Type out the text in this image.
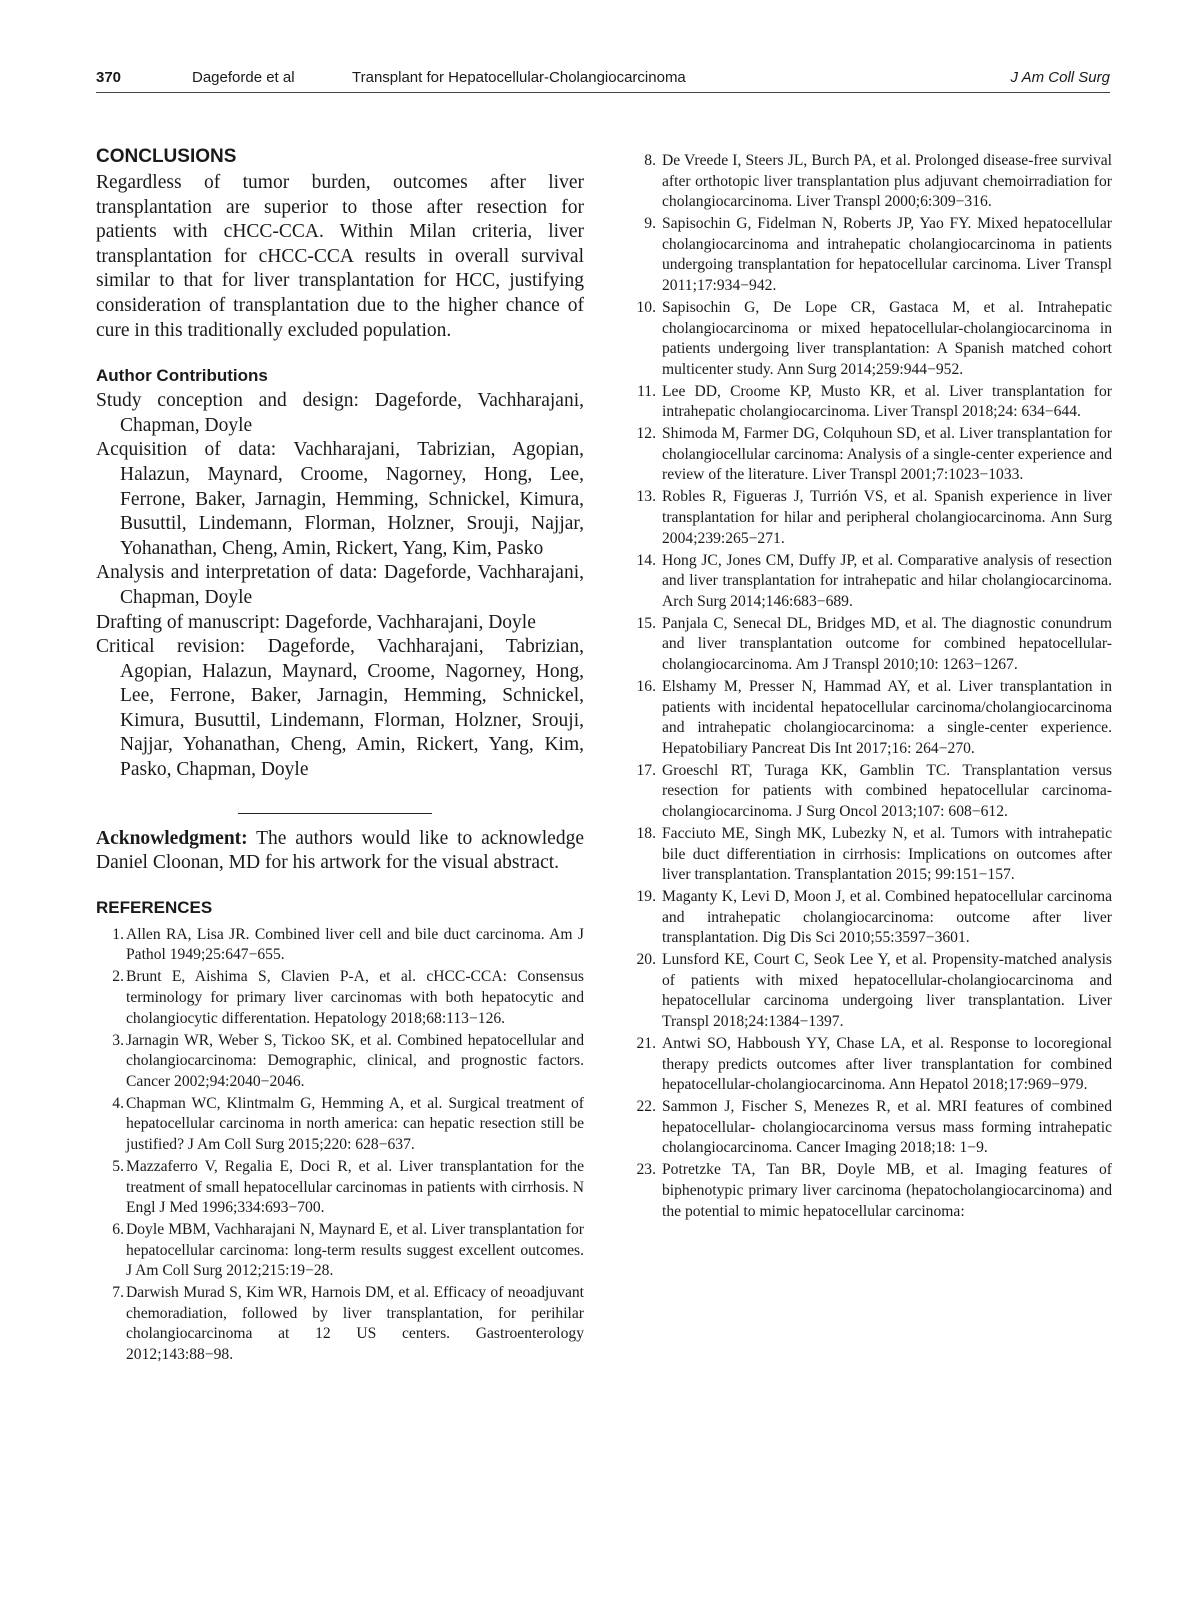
370	Dageforde et al	Transplant for Hepatocellular-Cholangiocarcinoma	J Am Coll Surg
CONCLUSIONS

Regardless of tumor burden, outcomes after liver transplantation are superior to those after resection for patients with cHCC-CCA. Within Milan criteria, liver transplantation for cHCC-CCA results in overall survival similar to that for liver transplantation for HCC, justifying consideration of transplantation due to the higher chance of cure in this traditionally excluded population.

Author Contributions

Study conception and design: Dageforde, Vachharajani, Chapman, Doyle

Acquisition of data: Vachharajani, Tabrizian, Agopian, Halazun, Maynard, Croome, Nagorney, Hong, Lee, Ferrone, Baker, Jarnagin, Hemming, Schnickel, Kimura, Busuttil, Lindemann, Florman, Holzner, Srouji, Najjar, Yohanathan, Cheng, Amin, Rickert, Yang, Kim, Pasko

Analysis and interpretation of data: Dageforde, Vachharajani, Chapman, Doyle

Drafting of manuscript: Dageforde, Vachharajani, Doyle

Critical revision: Dageforde, Vachharajani, Tabrizian, Agopian, Halazun, Maynard, Croome, Nagorney, Hong, Lee, Ferrone, Baker, Jarnagin, Hemming, Schnickel, Kimura, Busuttil, Lindemann, Florman, Holzner, Srouji, Najjar, Yohanathan, Cheng, Amin, Rickert, Yang, Kim, Pasko, Chapman, Doyle

Acknowledgment: The authors would like to acknowledge Daniel Cloonan, MD for his artwork for the visual abstract.

REFERENCES
1. Allen RA, Lisa JR. Combined liver cell and bile duct carcinoma. Am J Pathol 1949;25:647−655.
2. Brunt E, Aishima S, Clavien P-A, et al. cHCC-CCA: Consensus terminology for primary liver carcinomas with both hepatocytic and cholangiocytic differentation. Hepatology 2018;68:113−126.
3. Jarnagin WR, Weber S, Tickoo SK, et al. Combined hepatocellular and cholangiocarcinoma: Demographic, clinical, and prognostic factors. Cancer 2002;94:2040−2046.
4. Chapman WC, Klintmalm G, Hemming A, et al. Surgical treatment of hepatocellular carcinoma in north america: can hepatic resection still be justified? J Am Coll Surg 2015;220: 628−637.
5. Mazzaferro V, Regalia E, Doci R, et al. Liver transplantation for the treatment of small hepatocellular carcinomas in patients with cirrhosis. N Engl J Med 1996;334:693−700.
6. Doyle MBM, Vachharajani N, Maynard E, et al. Liver transplantation for hepatocellular carcinoma: long-term results suggest excellent outcomes. J Am Coll Surg 2012;215:19−28.
7. Darwish Murad S, Kim WR, Harnois DM, et al. Efficacy of neoadjuvant chemoradiation, followed by liver transplantation, for perihilar cholangiocarcinoma at 12 US centers. Gastroenterology 2012;143:88−98.
8. De Vreede I, Steers JL, Burch PA, et al. Prolonged disease-free survival after orthotopic liver transplantation plus adjuvant chemoirradiation for cholangiocarcinoma. Liver Transpl 2000;6:309−316.
9. Sapisochin G, Fidelman N, Roberts JP, Yao FY. Mixed hepatocellular cholangiocarcinoma and intrahepatic cholangiocarcinoma in patients undergoing transplantation for hepatocellular carcinoma. Liver Transpl 2011;17:934−942.
10. Sapisochin G, De Lope CR, Gastaca M, et al. Intrahepatic cholangiocarcinoma or mixed hepatocellular-cholangiocarcinoma in patients undergoing liver transplantation: A Spanish matched cohort multicenter study. Ann Surg 2014;259:944−952.
11. Lee DD, Croome KP, Musto KR, et al. Liver transplantation for intrahepatic cholangiocarcinoma. Liver Transpl 2018;24: 634−644.
12. Shimoda M, Farmer DG, Colquhoun SD, et al. Liver transplantation for cholangiocellular carcinoma: Analysis of a single-center experience and review of the literature. Liver Transpl 2001;7:1023−1033.
13. Robles R, Figueras J, Turrión VS, et al. Spanish experience in liver transplantation for hilar and peripheral cholangiocarcinoma. Ann Surg 2004;239:265−271.
14. Hong JC, Jones CM, Duffy JP, et al. Comparative analysis of resection and liver transplantation for intrahepatic and hilar cholangiocarcinoma. Arch Surg 2014;146:683−689.
15. Panjala C, Senecal DL, Bridges MD, et al. The diagnostic conundrum and liver transplantation outcome for combined hepatocellular-cholangiocarcinoma. Am J Transpl 2010;10: 1263−1267.
16. Elshamy M, Presser N, Hammad AY, et al. Liver transplantation in patients with incidental hepatocellular carcinoma/cholangiocarcinoma and intrahepatic cholangiocarcinoma: a single-center experience. Hepatobiliary Pancreat Dis Int 2017;16: 264−270.
17. Groeschl RT, Turaga KK, Gamblin TC. Transplantation versus resection for patients with combined hepatocellular carcinoma-cholangiocarcinoma. J Surg Oncol 2013;107: 608−612.
18. Facciuto ME, Singh MK, Lubezky N, et al. Tumors with intrahepatic bile duct differentiation in cirrhosis: Implications on outcomes after liver transplantation. Transplantation 2015; 99:151−157.
19. Maganty K, Levi D, Moon J, et al. Combined hepatocellular carcinoma and intrahepatic cholangiocarcinoma: outcome after liver transplantation. Dig Dis Sci 2010;55:3597−3601.
20. Lunsford KE, Court C, Seok Lee Y, et al. Propensity-matched analysis of patients with mixed hepatocellular-cholangiocarcinoma and hepatocellular carcinoma undergoing liver transplantation. Liver Transpl 2018;24:1384−1397.
21. Antwi SO, Habboush YY, Chase LA, et al. Response to locoregional therapy predicts outcomes after liver transplantation for combined hepatocellular-cholangiocarcinoma. Ann Hepatol 2018;17:969−979.
22. Sammon J, Fischer S, Menezes R, et al. MRI features of combined hepatocellular- cholangiocarcinoma versus mass forming intrahepatic cholangiocarcinoma. Cancer Imaging 2018;18: 1−9.
23. Potretzke TA, Tan BR, Doyle MB, et al. Imaging features of biphenotypic primary liver carcinoma (hepatocholangiocarcinoma) and the potential to mimic hepatocellular carcinoma:
